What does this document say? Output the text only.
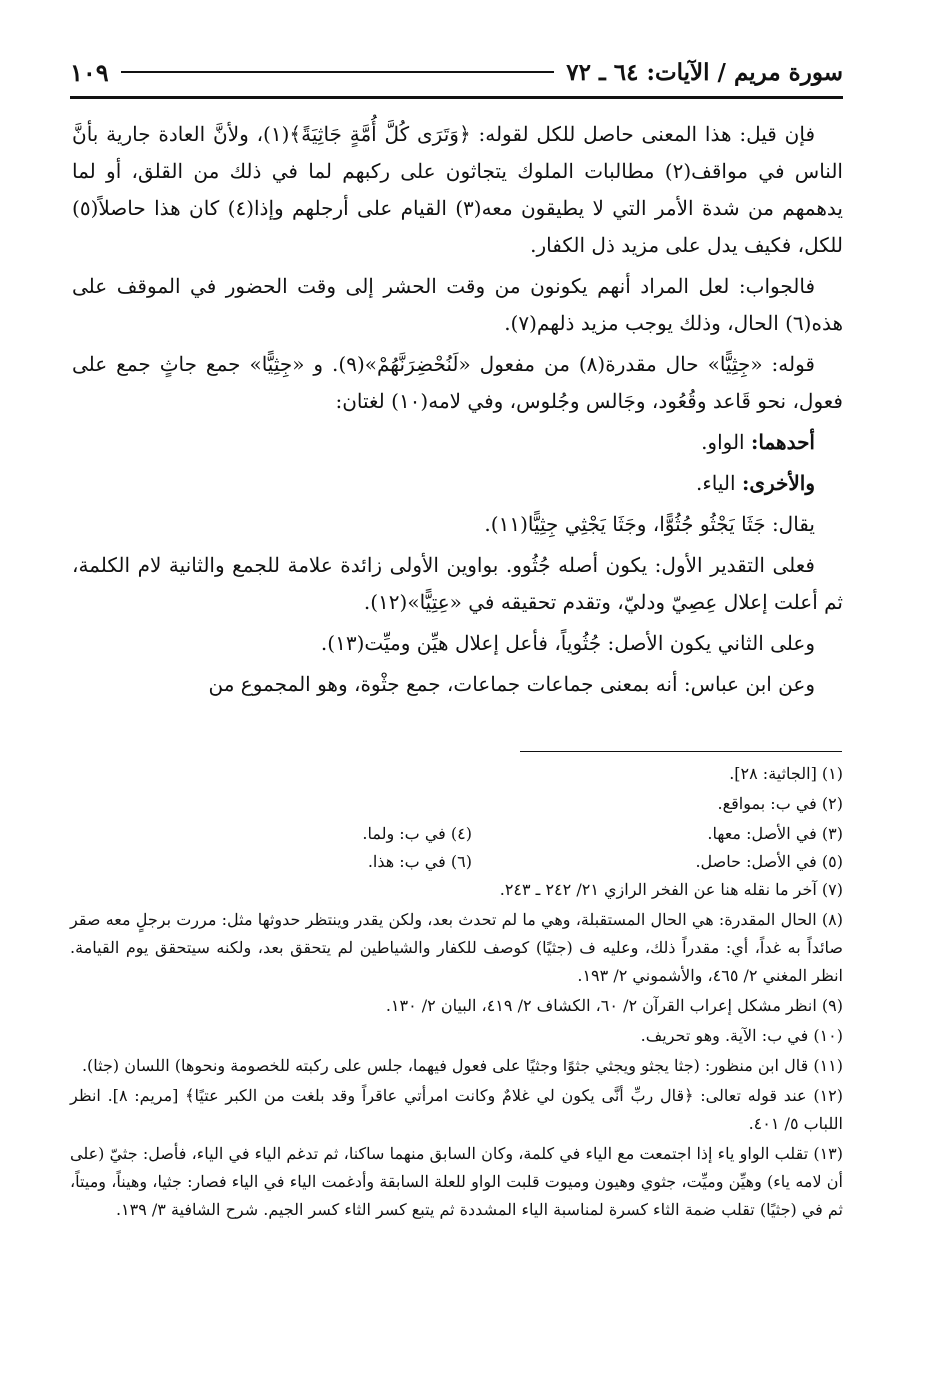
سورة مريم / الآيات: ٦٤ ـ ٧٢
١٠٩

فإن قيل: هذا المعنى حاصل للكل لقوله: ﴿وَتَرَى كُلَّ أُمَّةٍ جَاثِيَةً﴾(١)، ولأنَّ العادة جارية بأنَّ الناس في مواقف(٢) مطالبات الملوك يتجاثون على ركبهم لما في ذلك من القلق، أو لما يدهمهم من شدة الأمر التي لا يطيقون معه(٣) القيام على أرجلهم وإذا(٤) كان هذا حاصلاً(٥) للكل، فكيف يدل على مزيد ذل الكفار.

فالجواب: لعل المراد أنهم يكونون من وقت الحشر إلى وقت الحضور في الموقف على هذه(٦) الحال، وذلك يوجب مزيد ذلهم(٧).

قوله: «جِثِيًّا» حال مقدرة(٨) من مفعول «لَنُحْضِرَنَّهُمْ»(٩). و «جِثِيًّا» جمع جاثٍ جمع على فعول، نحو قَاعد وقُعُود، وجَالس وجُلوس، وفي لامه(١٠) لغتان:

أحدهما: الواو.

والأخرى: الياء.

يقال: جَثَا يَجْثُو جُثُوًّا، وجَثَا يَجْثِي جِثِيًّا(١١).

فعلى التقدير الأول: يكون أصله جُثُوو. بواوين الأولى زائدة علامة للجمع والثانية لام الكلمة، ثم أعلت إعلال عِصِيّ ودليّ، وتقدم تحقيقه في «عِتِيًّا»(١٢).

وعلى الثاني يكون الأصل: جُثُوياً، فأعل إعلال هيِّن وميِّت(١٣).

وعن ابن عباس: أنه بمعنى جماعات جماعات، جمع جثْوة، وهو المجموع من

(١) [الجاثية: ٢٨].
(٢) في ب: بمواقع.
(٣) في الأصل: معها.
(٤) في ب: ولما.
(٥) في الأصل: حاصل.
(٦) في ب: هذا.
(٧) آخر ما نقله هنا عن الفخر الرازي ٢١/ ٢٤٢ ـ ٢٤٣.
(٨) الحال المقدرة: هي الحال المستقبلة، وهي ما لم تحدث بعد، ولكن يقدر وينتظر حدوثها مثل: مررت برجلٍ معه صقر صائداً به غداً، أي: مقدراً ذلك، وعليه ف (جثيًا) كوصف للكفار والشياطين لم يتحقق بعد، ولكنه سيتحقق يوم القيامة. انظر المغني ٢/ ٤٦٥، والأشموني ٢/ ١٩٣.
(٩) انظر مشكل إعراب القرآن ٢/ ٦٠، الكشاف ٢/ ٤١٩، البيان ٢/ ١٣٠.
(١٠) في ب: الآية. وهو تحريف.
(١١) قال ابن منظور: (جثا يجثو ويجثي جثوًا وجثيًا على فعول فيهما، جلس على ركبته للخصومة ونحوها) اللسان (جثا).
(١٢) عند قوله تعالى: ﴿قال ربِّ أنَّى يكون لي غلامٌ وكانت امرأتي عاقراً وقد بلغت من الكبر عتيًا﴾ [مريم: ٨]. انظر اللباب ٥/ ٤٠١.
(١٣) تقلب الواو ياء إذا اجتمعت مع الياء في كلمة، وكان السابق منهما ساكنا، ثم تدغم الياء في الياء، فأصل: جثيّ (على أن لامه ياء) وهيِّن وميِّت، جثوي وهيون وميوت قلبت الواو للعلة السابقة وأدغمت الياء في الياء فصار: جثيا، وهيناً، وميتاً، ثم في (جثيًا) تقلب ضمة الثاء كسرة لمناسبة الياء المشددة ثم يتبع كسر الثاء كسر الجيم. شرح الشافية ٣/ ١٣٩.
